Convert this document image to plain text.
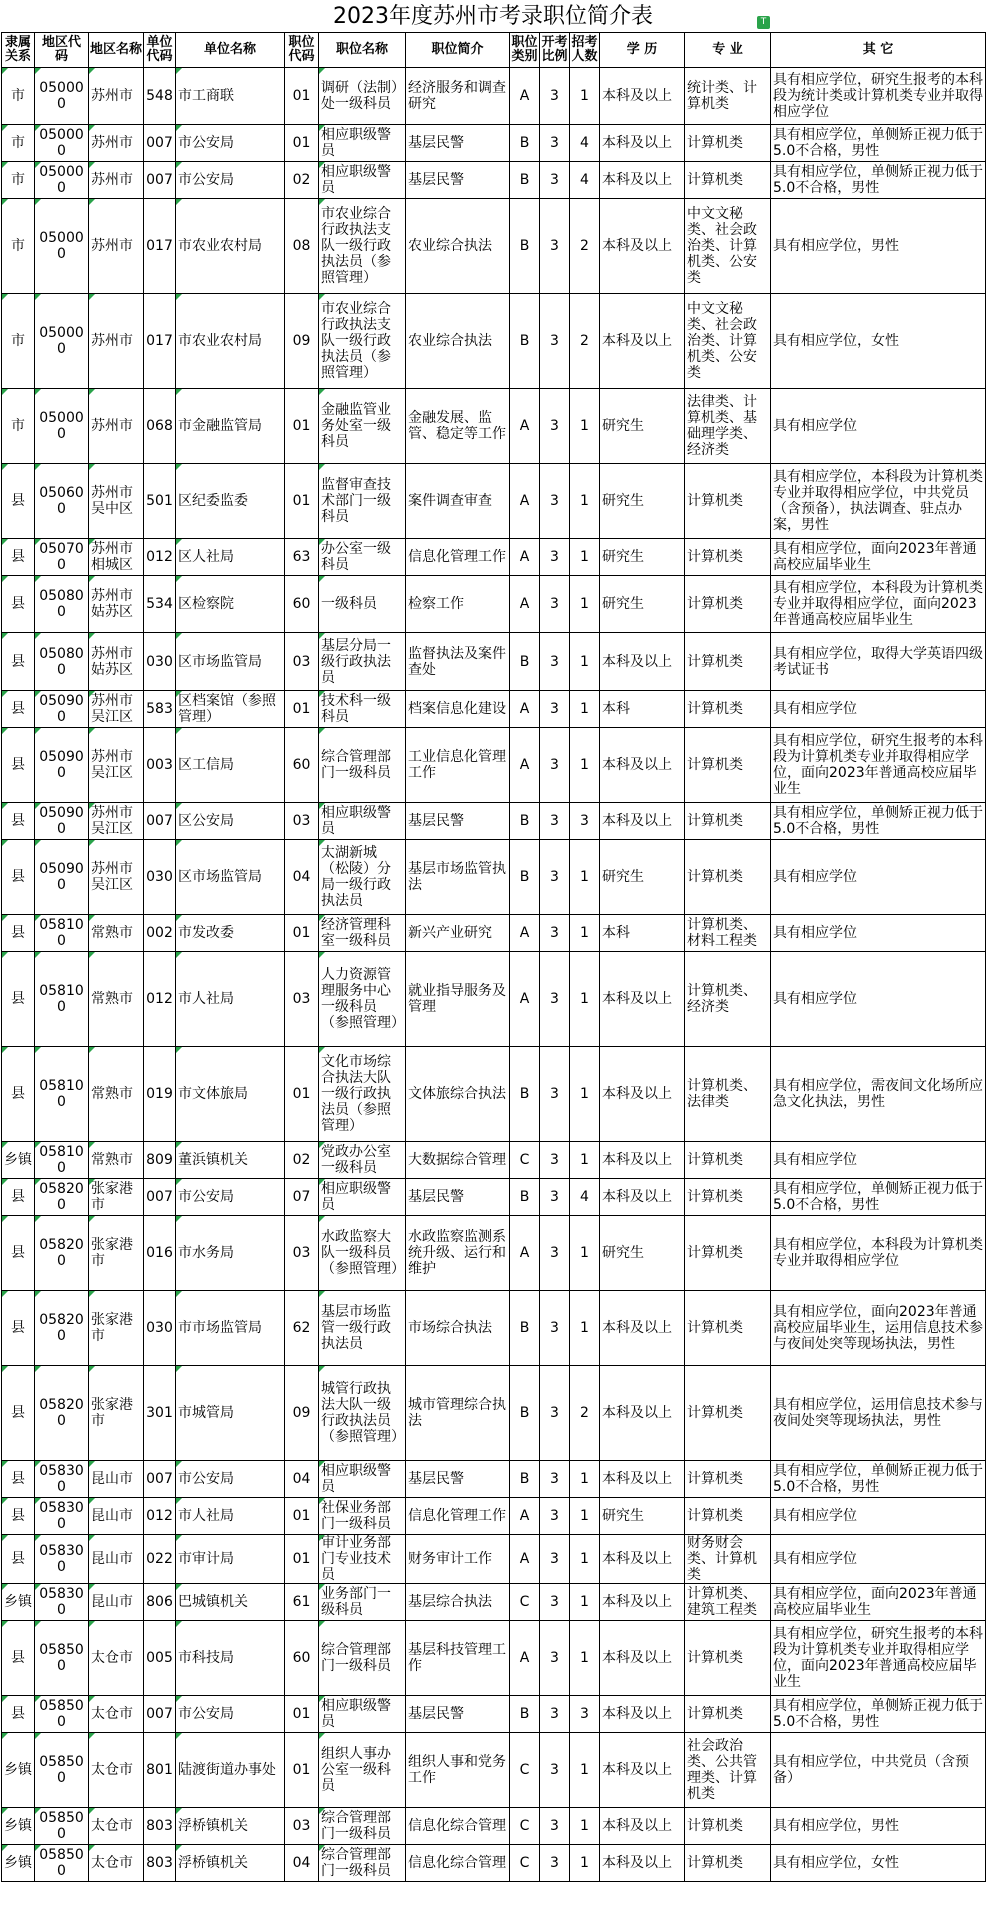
2023年度苏州市考录职位简介表	T
隶属关系	地区代码	地区名称	单位代码	单位名称	职位代码	职位名称	职位简介	职位类别	开考比例	招考人数	学 历	专 业	其 它
市	050000	苏州市	548	市工商联	01	调研（法制）处一级科员	经济服务和调查研究	A	3	1	本科及以上	统计类、计算机类	具有相应学位，研究生报考的本科段为统计类或计算机类专业并取得相应学位
市	050000	苏州市	007	市公安局	01	相应职级警员	基层民警	B	3	4	本科及以上	计算机类	具有相应学位，单侧矫正视力低于5.0不合格，男性
市	050000	苏州市	007	市公安局	02	相应职级警员	基层民警	B	3	4	本科及以上	计算机类	具有相应学位，单侧矫正视力低于5.0不合格，男性
市	050000	苏州市	017	市农业农村局	08	市农业综合行政执法支队一级行政执法员（参照管理）	农业综合执法	B	3	2	本科及以上	中文文秘类、社会政治类、计算机类、公安类	具有相应学位，男性
市	050000	苏州市	017	市农业农村局	09	市农业综合行政执法支队一级行政执法员（参照管理）	农业综合执法	B	3	2	本科及以上	中文文秘类、社会政治类、计算机类、公安类	具有相应学位，女性
市	050000	苏州市	068	市金融监管局	01	金融监管业务处室一级科员	金融发展、监管、稳定等工作	A	3	1	研究生	法律类、计算机类、基础理学类、经济类	具有相应学位
县	050600	苏州市吴中区	501	区纪委监委	01	监督审查技术部门一级科员	案件调查审查	A	3	1	研究生	计算机类	具有相应学位，本科段为计算机类专业并取得相应学位，中共党员（含预备），执法调查、驻点办案，男性
县	050700	苏州市相城区	012	区人社局	63	办公室一级科员	信息化管理工作	A	3	1	研究生	计算机类	具有相应学位，面向2023年普通高校应届毕业生
县	050800	苏州市姑苏区	534	区检察院	60	一级科员	检察工作	A	3	1	研究生	计算机类	具有相应学位，本科段为计算机类专业并取得相应学位，面向2023年普通高校应届毕业生
县	050800	苏州市姑苏区	030	区市场监管局	03	基层分局一级行政执法员	监督执法及案件查处	B	3	1	本科及以上	计算机类	具有相应学位，取得大学英语四级考试证书
县	050900	苏州市吴江区	583	区档案馆（参照管理）	01	技术科一级科员	档案信息化建设	A	3	1	本科	计算机类	具有相应学位
县	050900	苏州市吴江区	003	区工信局	60	综合管理部门一级科员	工业信息化管理工作	A	3	1	本科及以上	计算机类	具有相应学位，研究生报考的本科段为计算机类专业并取得相应学位，面向2023年普通高校应届毕业生
县	050900	苏州市吴江区	007	区公安局	03	相应职级警员	基层民警	B	3	3	本科及以上	计算机类	具有相应学位，单侧矫正视力低于5.0不合格，男性
县	050900	苏州市吴江区	030	区市场监管局	04	太湖新城（松陵）分局一级行政执法员	基层市场监管执法	B	3	1	研究生	计算机类	具有相应学位
县	058100	常熟市	002	市发改委	01	经济管理科室一级科员	新兴产业研究	A	3	1	本科	计算机类、材料工程类	具有相应学位
县	058100	常熟市	012	市人社局	03	人力资源管理服务中心一级科员（参照管理）	就业指导服务及管理	A	3	1	本科及以上	计算机类、经济类	具有相应学位
县	058100	常熟市	019	市文体旅局	01	文化市场综合执法大队一级行政执法员（参照管理）	文体旅综合执法	B	3	1	本科及以上	计算机类、法律类	具有相应学位，需夜间文化场所应急文化执法，男性
乡镇	058100	常熟市	809	董浜镇机关	02	党政办公室一级科员	大数据综合管理	C	3	1	本科及以上	计算机类	具有相应学位
县	058200	张家港市	007	市公安局	07	相应职级警员	基层民警	B	3	4	本科及以上	计算机类	具有相应学位，单侧矫正视力低于5.0不合格，男性
县	058200	张家港市	016	市水务局	03	水政监察大队一级科员（参照管理）	水政监察监测系统升级、运行和维护	A	3	1	研究生	计算机类	具有相应学位，本科段为计算机类专业并取得相应学位
县	058200	张家港市	030	市市场监管局	62	基层市场监管一级行政执法员	市场综合执法	B	3	1	本科及以上	计算机类	具有相应学位，面向2023年普通高校应届毕业生，运用信息技术参与夜间处突等现场执法，男性
县	058200	张家港市	301	市城管局	09	城管行政执法大队一级行政执法员（参照管理）	城市管理综合执法	B	3	2	本科及以上	计算机类	具有相应学位，运用信息技术参与夜间处突等现场执法，男性
县	058300	昆山市	007	市公安局	04	相应职级警员	基层民警	B	3	1	本科及以上	计算机类	具有相应学位，单侧矫正视力低于5.0不合格，男性
县	058300	昆山市	012	市人社局	01	社保业务部门一级科员	信息化管理工作	A	3	1	研究生	计算机类	具有相应学位
县	058300	昆山市	022	市审计局	01	审计业务部门专业技术员	财务审计工作	A	3	1	本科及以上	财务财会类、计算机类	具有相应学位
乡镇	058300	昆山市	806	巴城镇机关	61	业务部门一级科员	基层综合执法	C	3	1	本科及以上	计算机类、建筑工程类	具有相应学位，面向2023年普通高校应届毕业生
县	058500	太仓市	005	市科技局	60	综合管理部门一级科员	基层科技管理工作	A	3	1	本科及以上	计算机类	具有相应学位，研究生报考的本科段为计算机类专业并取得相应学位，面向2023年普通高校应届毕业生
县	058500	太仓市	007	市公安局	01	相应职级警员	基层民警	B	3	3	本科及以上	计算机类	具有相应学位，单侧矫正视力低于5.0不合格，男性
乡镇	058500	太仓市	801	陆渡街道办事处	01	组织人事办公室一级科员	组织人事和党务工作	C	3	1	本科及以上	社会政治类、公共管理类、计算机类	具有相应学位，中共党员（含预备）
乡镇	058500	太仓市	803	浮桥镇机关	03	综合管理部门一级科员	信息化综合管理	C	3	1	本科及以上	计算机类	具有相应学位，男性
乡镇	058500	太仓市	803	浮桥镇机关	04	综合管理部门一级科员	信息化综合管理	C	3	1	本科及以上	计算机类	具有相应学位，女性
